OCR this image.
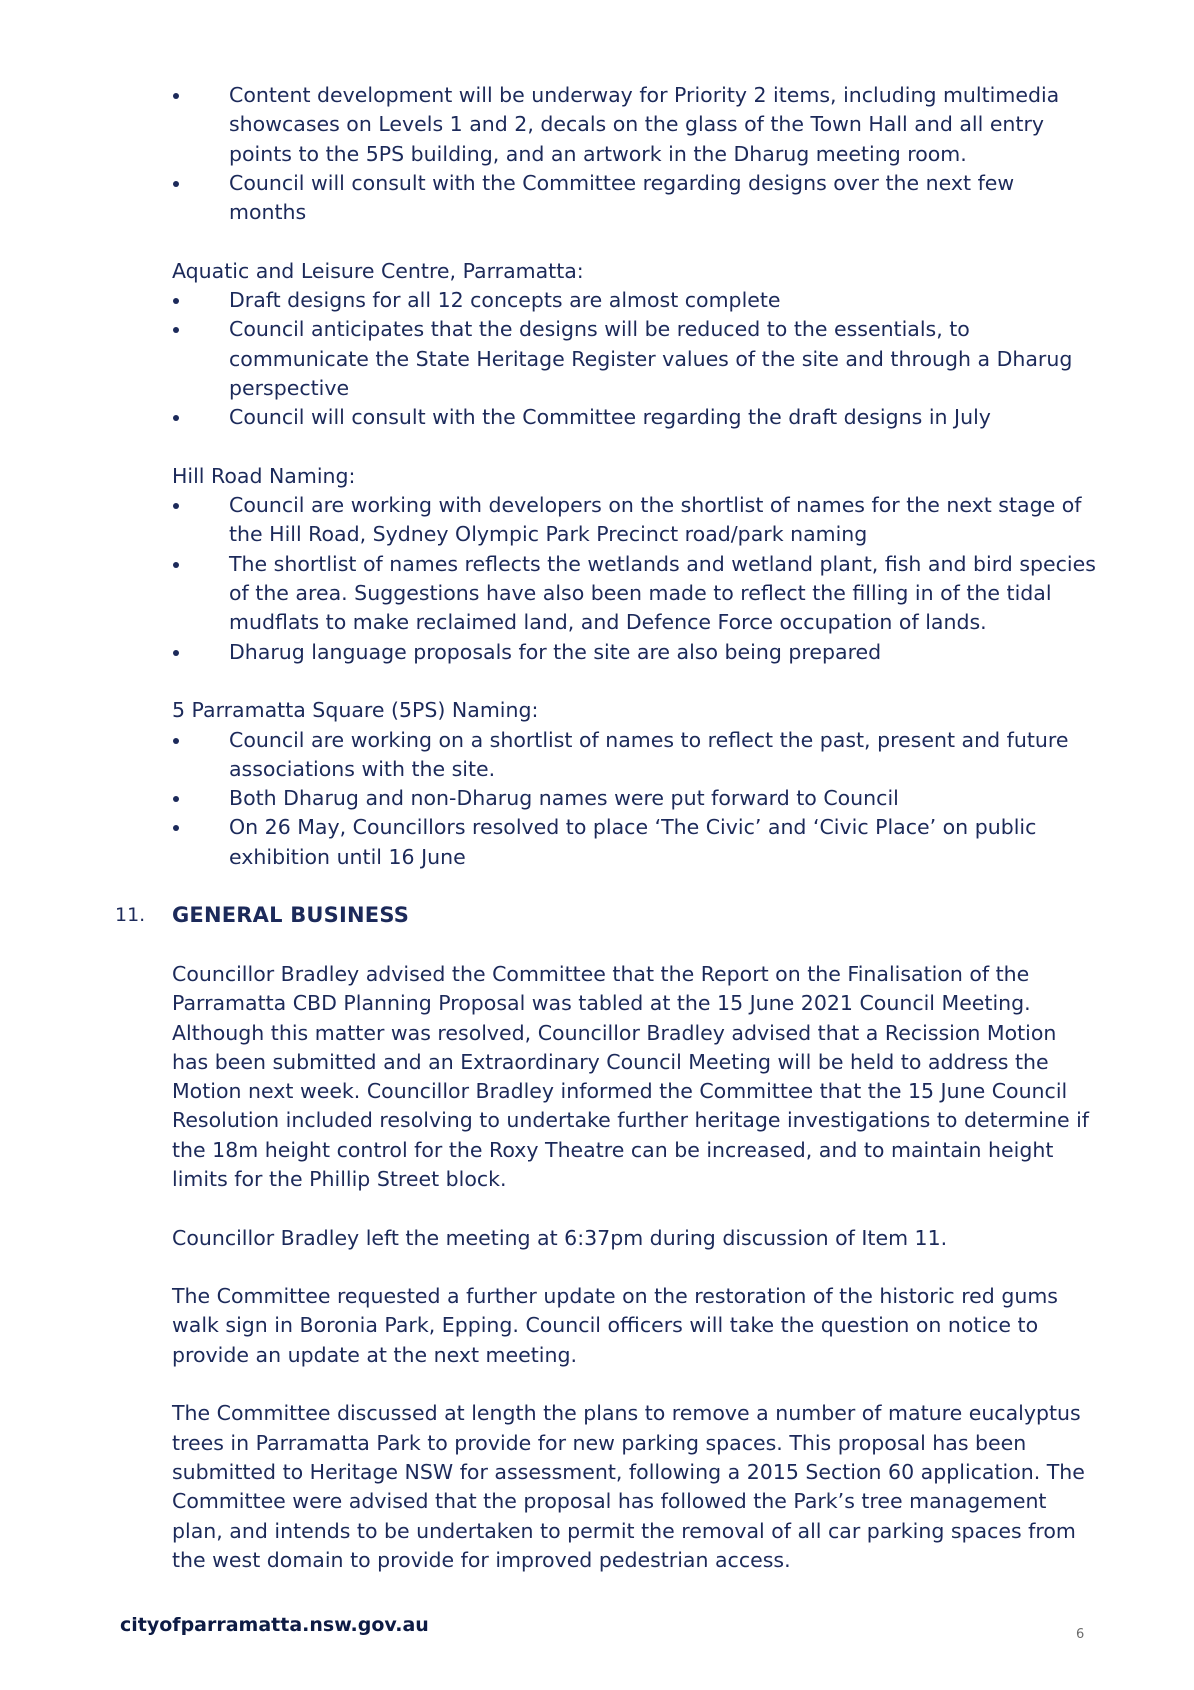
Content development will be underway for Priority 2 items, including multimedia showcases on Levels 1 and 2, decals on the glass of the Town Hall and all entry points to the 5PS building, and an artwork in the Dharug meeting room.
Council will consult with the Committee regarding designs over the next few months
Aquatic and Leisure Centre, Parramatta:
Draft designs for all 12 concepts are almost complete
Council anticipates that the designs will be reduced to the essentials, to communicate the State Heritage Register values of the site and through a Dharug perspective
Council will consult with the Committee regarding the draft designs in July
Hill Road Naming:
Council are working with developers on the shortlist of names for the next stage of the Hill Road, Sydney Olympic Park Precinct road/park naming
The shortlist of names reflects the wetlands and wetland plant, fish and bird species of the area. Suggestions have also been made to reflect the filling in of the tidal mudflats to make reclaimed land, and Defence Force occupation of lands.
Dharug language proposals for the site are also being prepared
5 Parramatta Square (5PS) Naming:
Council are working on a shortlist of names to reflect the past, present and future associations with the site.
Both Dharug and non-Dharug names were put forward to Council
On 26 May, Councillors resolved to place ‘The Civic’ and ‘Civic Place’ on public exhibition until 16 June
11. GENERAL BUSINESS

Councillor Bradley advised the Committee that the Report on the Finalisation of the Parramatta CBD Planning Proposal was tabled at the 15 June 2021 Council Meeting. Although this matter was resolved, Councillor Bradley advised that a Recission Motion has been submitted and an Extraordinary Council Meeting will be held to address the Motion next week. Councillor Bradley informed the Committee that the 15 June Council Resolution included resolving to undertake further heritage investigations to determine if the 18m height control for the Roxy Theatre can be increased, and to maintain height limits for the Phillip Street block.

Councillor Bradley left the meeting at 6:37pm during discussion of Item 11.

The Committee requested a further update on the restoration of the historic red gums walk sign in Boronia Park, Epping. Council officers will take the question on notice to provide an update at the next meeting.

The Committee discussed at length the plans to remove a number of mature eucalyptus trees in Parramatta Park to provide for new parking spaces. This proposal has been submitted to Heritage NSW for assessment, following a 2015 Section 60 application. The Committee were advised that the proposal has followed the Park’s tree management plan, and intends to be undertaken to permit the removal of all car parking spaces from the west domain to provide for improved pedestrian access.

cityofparramatta.nsw.gov.au	6
